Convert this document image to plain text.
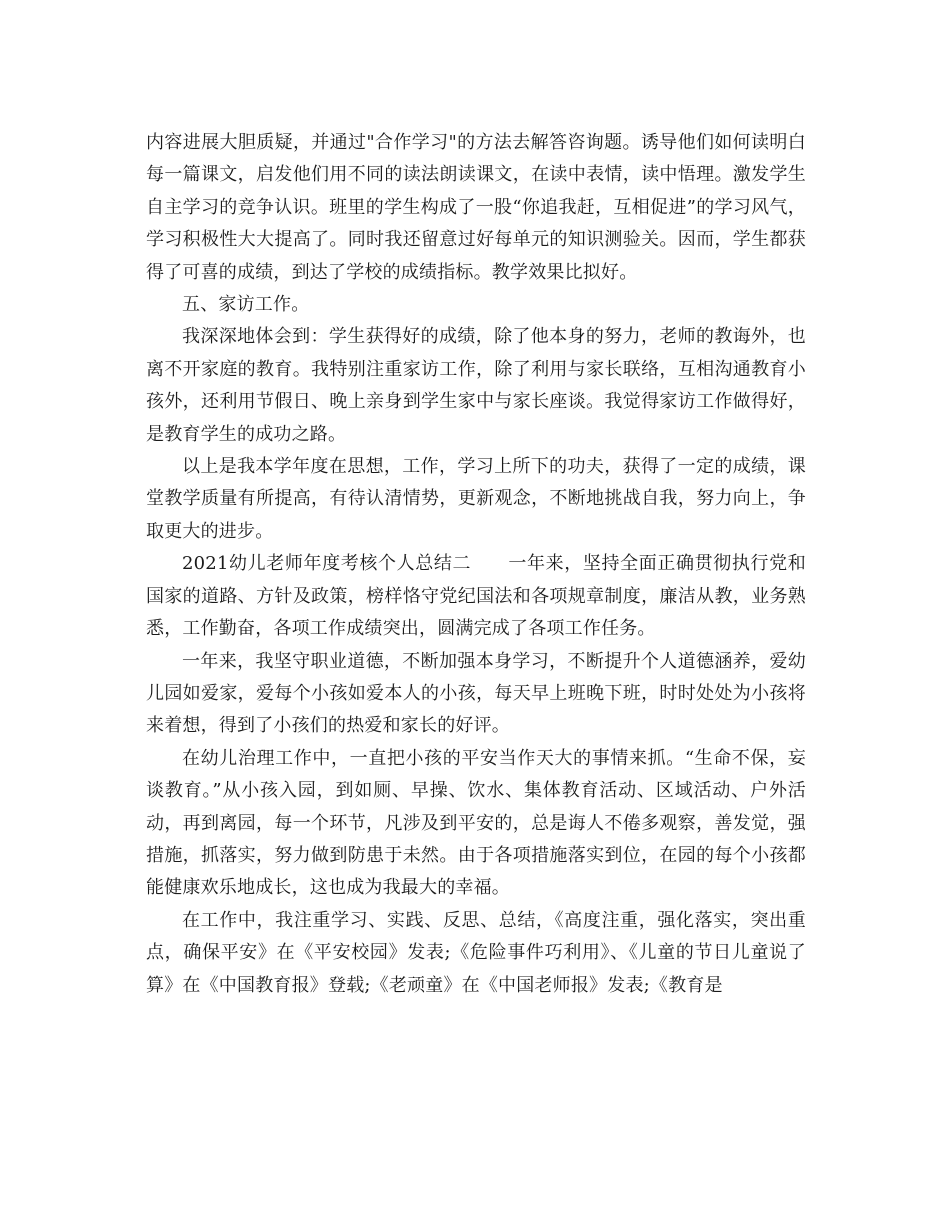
内容进展大胆质疑，并通过"合作学习"的方法去解答咨询题。诱导他们如何读明白每一篇课文，启发他们用不同的读法朗读课文，在读中表情，读中悟理。激发学生自主学习的竞争认识。班里的学生构成了一股“你追我赶，互相促进”的学习风气，学习积极性大大提高了。同时我还留意过好每单元的知识测验关。因而，学生都获得了可喜的成绩，到达了学校的成绩指标。教学效果比拟好。

五、家访工作。

我深深地体会到：学生获得好的成绩，除了他本身的努力，老师的教诲外，也离不开家庭的教育。我特别注重家访工作，除了利用与家长联络，互相沟通教育小孩外，还利用节假日、晚上亲身到学生家中与家长座谈。我觉得家访工作做得好，是教育学生的成功之路。

以上是我本学年度在思想，工作，学习上所下的功夫，获得了一定的成绩，课堂教学质量有所提高，有待认清情势，更新观念，不断地挑战自我，努力向上，争取更大的进步。

2021幼儿老师年度考核个人总结二　　一年来，坚持全面正确贯彻执行党和国家的道路、方针及政策，榜样恪守党纪国法和各项规章制度，廉洁从教，业务熟悉，工作勤奋，各项工作成绩突出，圆满完成了各项工作任务。

一年来，我坚守职业道德，不断加强本身学习，不断提升个人道德涵养，爱幼儿园如爱家，爱每个小孩如爱本人的小孩，每天早上班晚下班，时时处处为小孩将来着想，得到了小孩们的热爱和家长的好评。

在幼儿治理工作中，一直把小孩的平安当作天大的事情来抓。“生命不保，妄谈教育。”从小孩入园，到如厕、早操、饮水、集体教育活动、区域活动、户外活动，再到离园，每一个环节，凡涉及到平安的，总是诲人不倦多观察，善发觉，强措施，抓落实，努力做到防患于未然。由于各项措施落实到位，在园的每个小孩都能健康欢乐地成长，这也成为我最大的幸福。

在工作中，我注重学习、实践、反思、总结，《高度注重，强化落实，突出重点，确保平安》在《平安校园》发表;《危险事件巧利用》、《儿童的节日儿童说了算》在《中国教育报》登载;《老顽童》在《中国老师报》发表;《教育是
